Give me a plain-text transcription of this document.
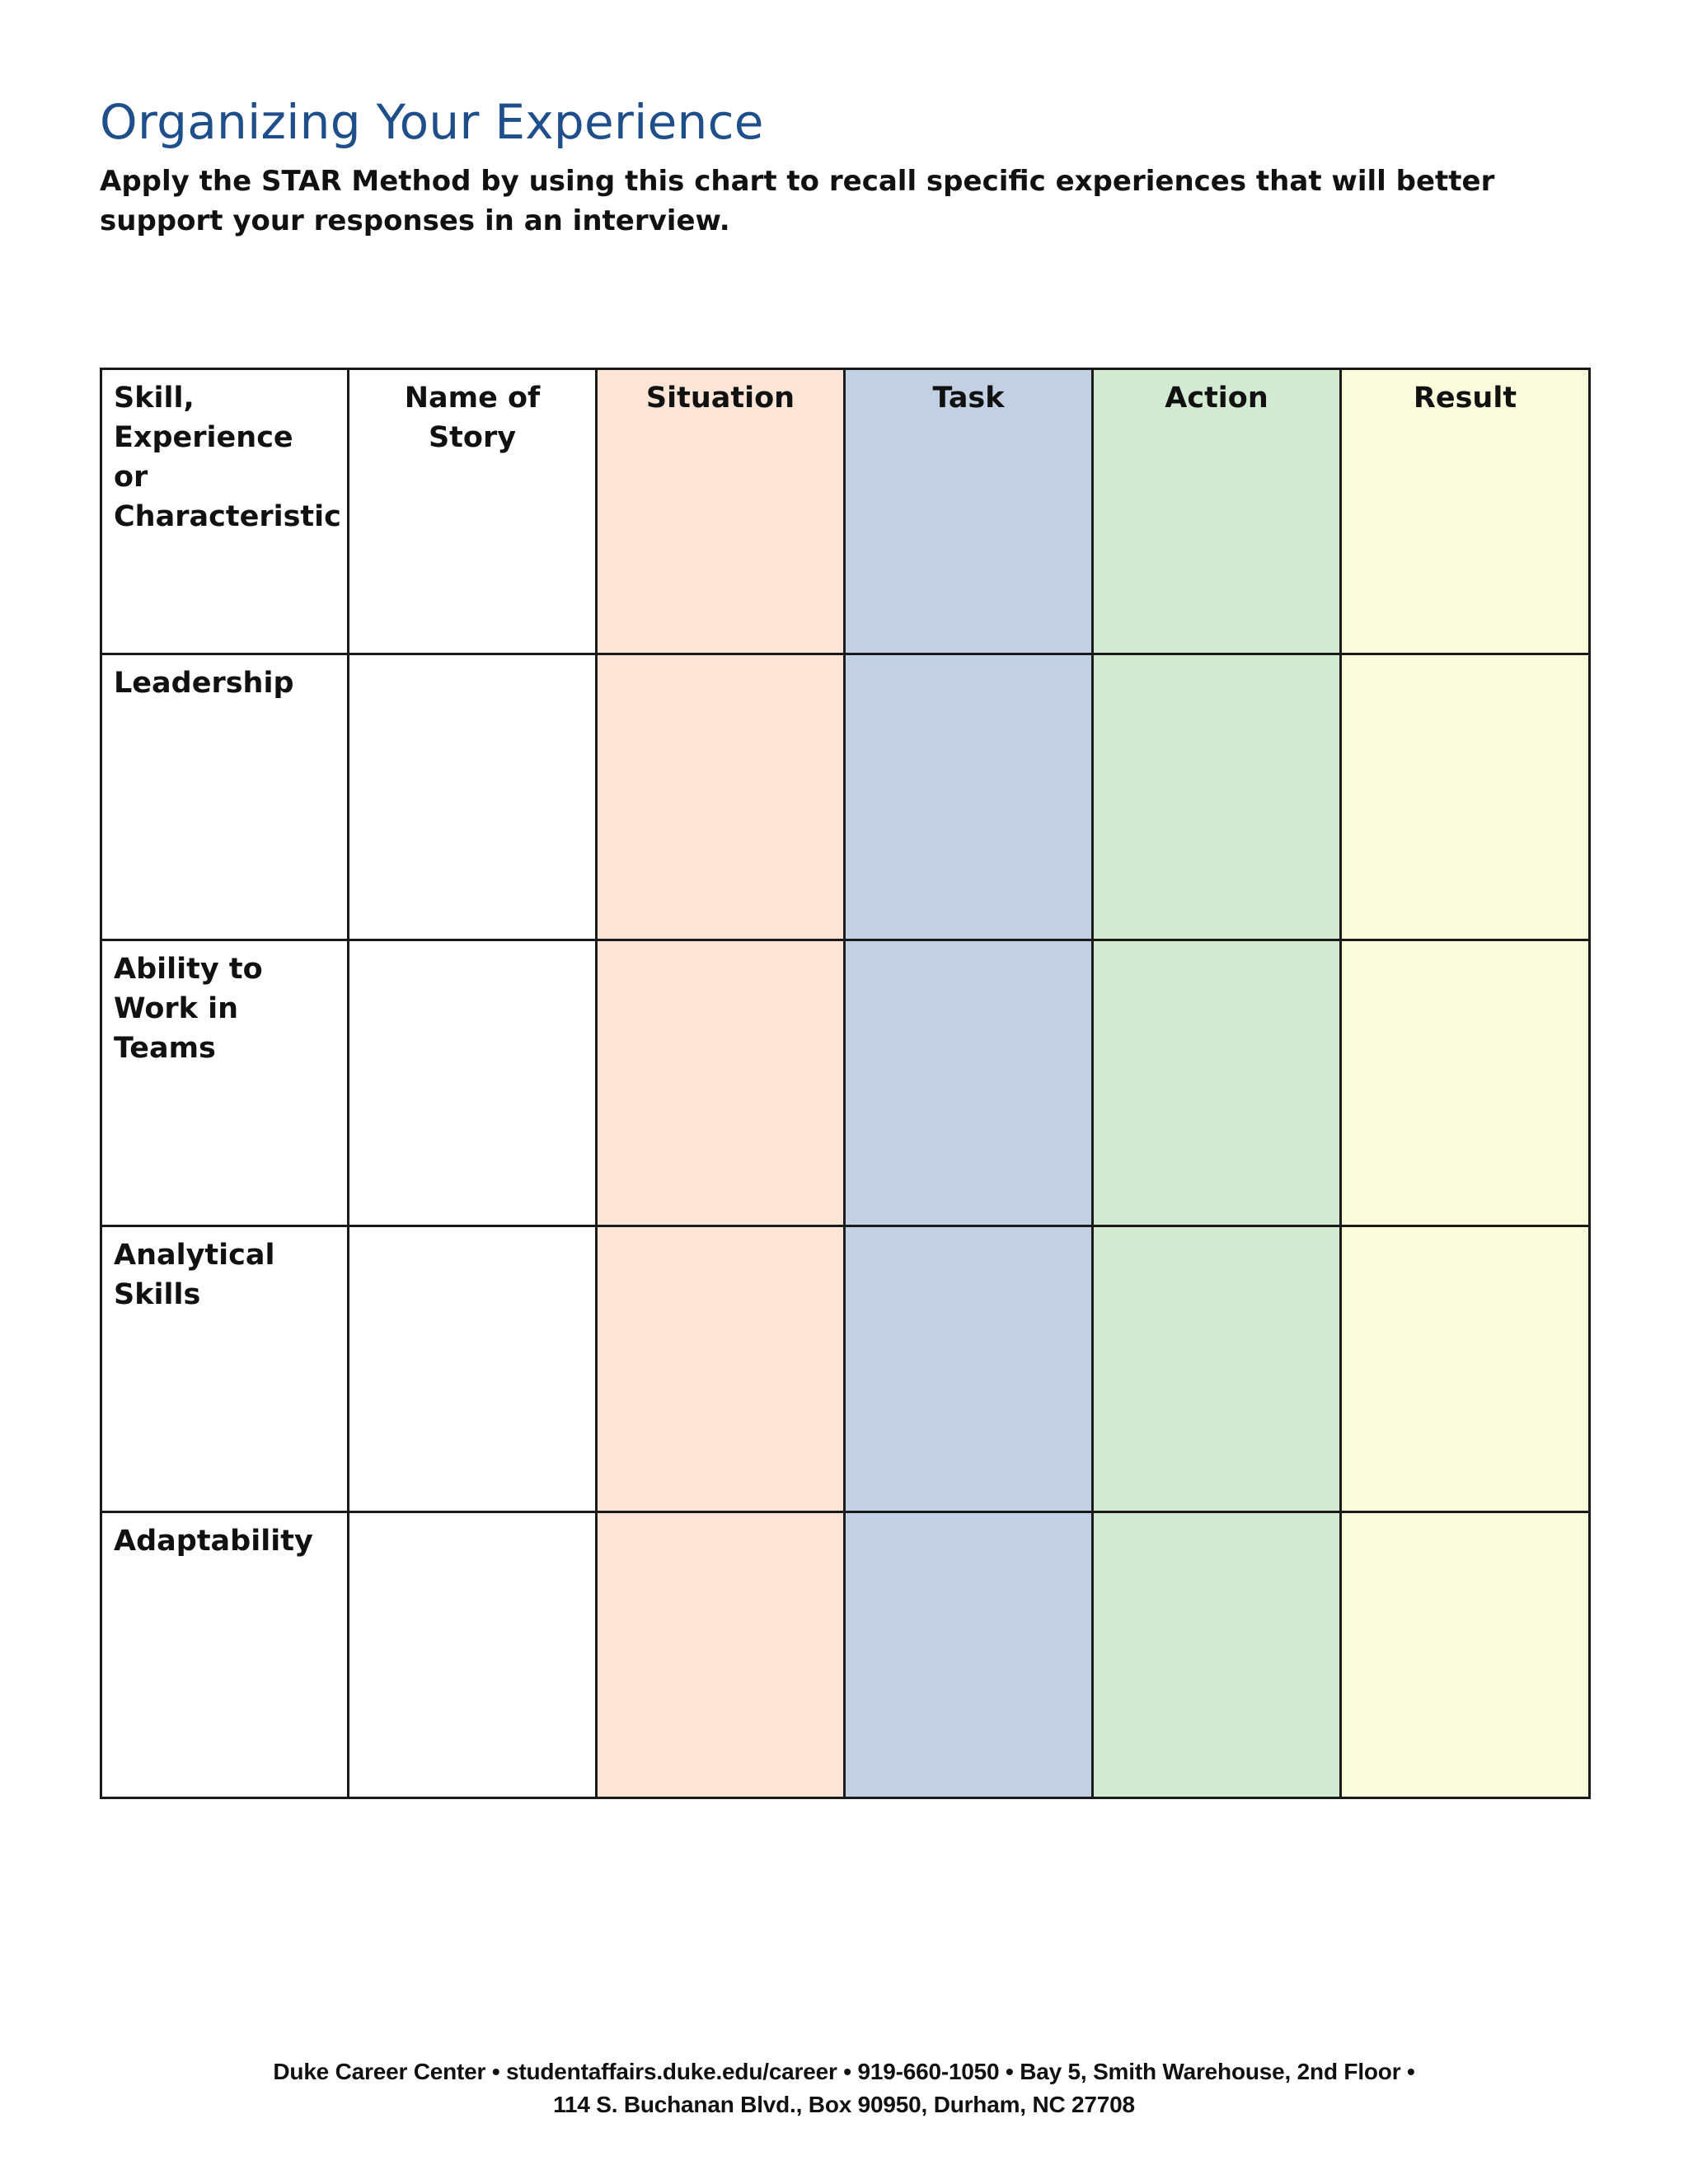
Organizing Your Experience

Apply the STAR Method by using this chart to recall specific experiences that will better support your responses in an interview.

Skill, Experience or Characteristic	Name of Story	Situation	Task	Action	Result
Leadership					
Ability to Work in Teams					
Analytical Skills					
Adaptability					
Duke Career Center • studentaffairs.duke.edu/career • 919-660-1050 • Bay 5, Smith Warehouse, 2nd Floor •
114 S. Buchanan Blvd., Box 90950, Durham, NC 27708
